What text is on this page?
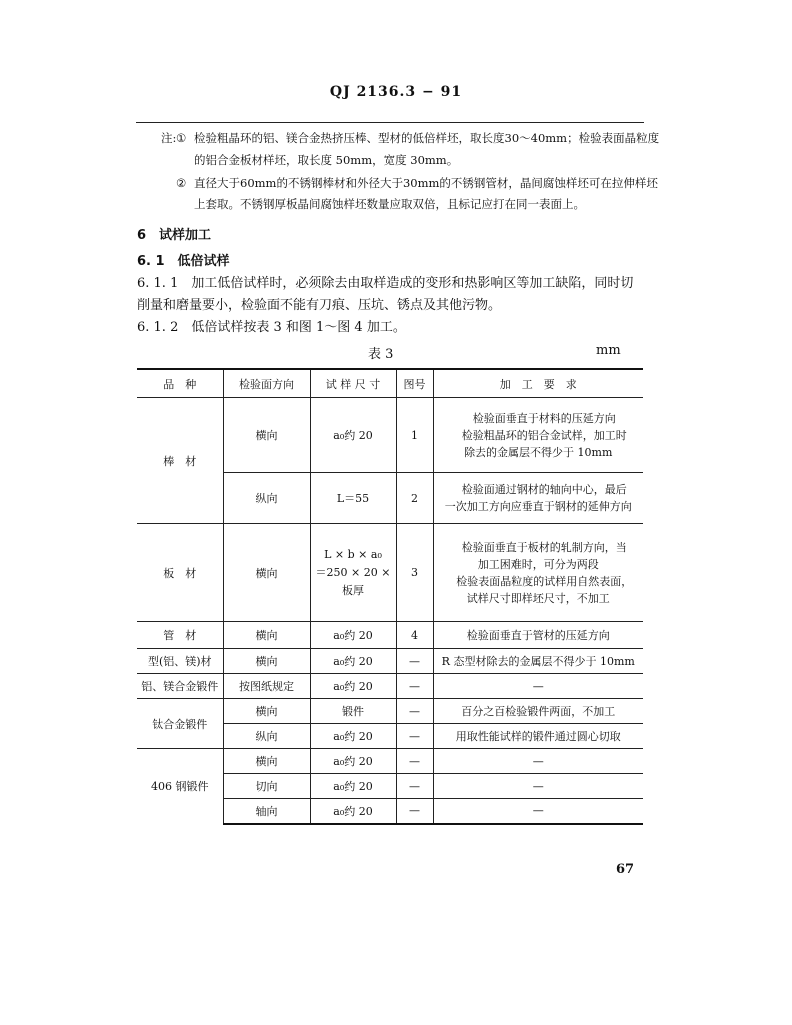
QJ 2136.3 − 91
注: ① 检验粗晶环的铝、镁合金热挤压棒、型材的低倍样坯，取长度30～40mm；检验表面晶粒度
的铝合金板材样坯，取长度 50mm，宽度 30mm。
② 直径大于60mm的不锈钢棒材和外径大于30mm的不锈钢管材，晶间腐蚀样坯可在拉伸样坯
上套取。不锈钢厚板晶间腐蚀样坯数量应取双倍，且标记应打在同一表面上。
6　试样加工
6. 1　低倍试样
6. 1. 1　加工低倍试样时，必须除去由取样造成的变形和热影响区等加工缺陷，同时切
削量和磨量要小，检验面不能有刀痕、压坑、锈点及其他污物。
6. 1. 2　低倍试样按表 3 和图 1～图 4 加工。
表 3	mm
品　种	检验面方向	试 样 尺 寸	图号	加　工　要　求
棒　材	横向	a₀约 20	1	检验面垂直于材料的压延方向
检验粗晶环的铝合金试样，加工时
除去的金属层不得少于 10mm

	纵向	L＝55	2	检验面通过钢材的轴向中心，最后
一次加工方向应垂直于钢材的延伸方向

板　材	横向	L × b × a₀
＝250 × 20 × 板厚	3	检验面垂直于板材的轧制方向，当
加工困难时，可分为两段
检验表面晶粒度的试样用自然表面，
试样尺寸即样坯尺寸，不加工

管　材	横向	a₀约 20	4	检验面垂直于管材的压延方向
型(铝、镁)材	横向	a₀约 20	—	R 态型材除去的金属层不得少于 10mm
铝、镁合金锻件	按图纸规定	a₀约 20	—	—
钛合金锻件	横向	锻件	—	百分之百检验锻件两面，不加工
	纵向	a₀约 20	—	用取性能试样的锻件通过圆心切取
406 钢锻件	横向	a₀约 20	—	—
	切向	a₀约 20	—	—
	轴向	a₀约 20	—	—
67
